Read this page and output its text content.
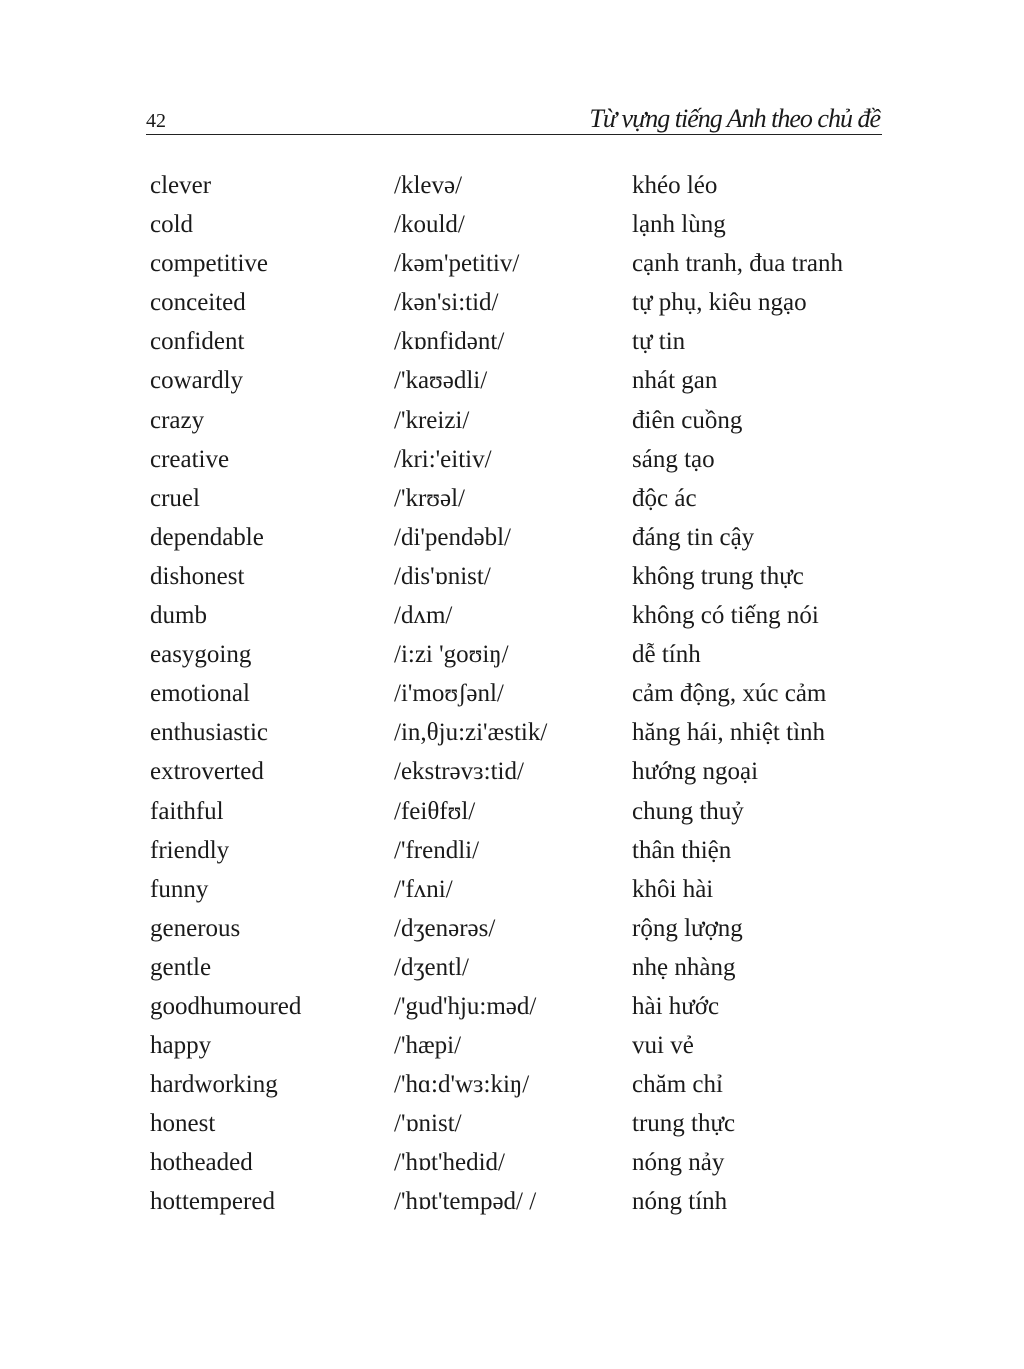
42	Từ vựng tiếng Anh theo chủ đề
clever	/klevə/	khéo léo
cold	/kould/	lạnh lùng
competitive	/kəm'petitiv/	cạnh tranh, đua tranh
conceited	/kən'si:tid/	tự phụ, kiêu ngạo
confident	/kɒnfidənt/	tự tin
cowardly	/'kaʊədli/	nhát gan
crazy	/'kreizi/	điên cuồng
creative	/kri:'eitiv/	sáng tạo
cruel	/'krʊəl/	độc ác
dependable	/di'pendəbl/	đáng tin cậy
dishonest	/dis'ɒnist/	không trung thực
dumb	/dʌm/	không có tiếng nói
easygoing	/i:zi 'goʊiŋ/	dễ tính
emotional	/i'moʊʃənl/	cảm động, xúc cảm
enthusiastic	/in,θju:zi'æstik/	hăng hái, nhiệt tình
extroverted	/ekstrəvɜ:tid/	hướng ngoại
faithful	/feiθfʊl/	chung thuỷ
friendly	/'frendli/	thân thiện
funny	/'fʌni/	khôi hài
generous	/dʒenərəs/	rộng lượng
gentle	/dʒentl/	nhẹ nhàng
goodhumoured	/'gud'hju:məd/	hài hước
happy	/'hæpi/	vui vẻ
hardworking	/'hɑ:d'wɜ:kiŋ/	chăm chỉ
honest	/'ɒnist/	trung thực
hotheaded	/'hɒt'hedid/	nóng nảy
hottempered	/'hɒt'tempəd/ /	nóng tính
